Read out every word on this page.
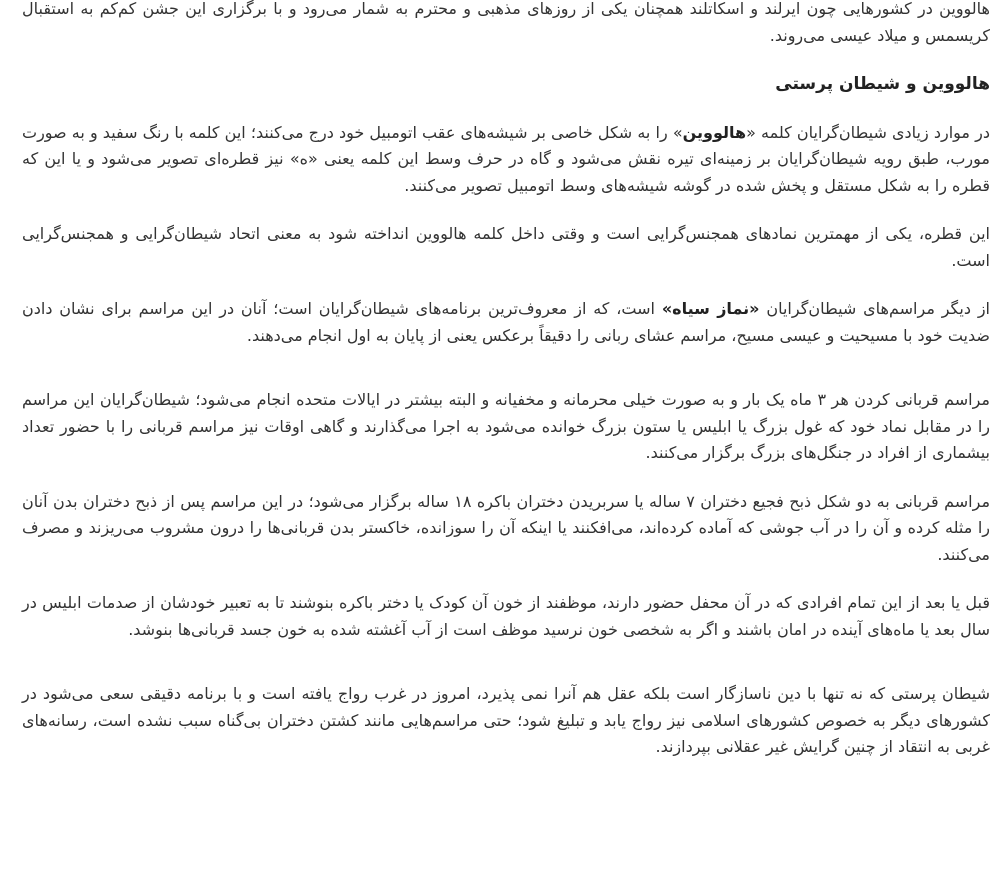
هالووین در کشورهایی چون ایرلند و اسکاتلند همچنان یکی از روزهای مذهبی و محترم به شمار می‌رود و با برگزاری این جشن کم‌کم به استقبال کریسمس و میلاد عیسی می‌روند.

هالووین و شیطان پرستی

در موارد زیادی شیطان‌گرایان کلمه «هالووین» را به شکل خاصی بر شیشه‌های عقب اتومبیل خود درج می‌کنند؛ این کلمه با رنگ سفید و به صورت مورب، طبق رویه شیطان‌گرایان بر زمینه‌ای تیره نقش می‌شود و گاه در حرف وسط این کلمه یعنی «ه» نیز قطره‌ای تصویر می‌شود و یا این که قطره را به شکل مستقل و پخش شده در گوشه شیشه‌های وسط اتومبیل تصویر می‌کنند.

این قطره، یکی از مهمترین نمادهای همجنس‌گرایی است و وقتی داخل کلمه هالووین انداخته شود به معنی اتحاد شیطان‌گرایی و همجنس‌گرایی است.

از دیگر مراسم‌های شیطان‌گرایان «نماز سیاه» است، که از معروف‌ترین برنامه‌های شیطان‌گرایان است؛ آنان در این مراسم برای نشان دادن ضدیت خود با مسیحیت و عیسی مسیح، مراسم عشای ربانی را دقیقاً برعکس یعنی از پایان به اول انجام می‌دهند.

مراسم قربانی کردن هر ۳ ماه یک بار و به صورت خیلی محرمانه و مخفیانه و البته بیشتر در ایالات متحده انجام می‌شود؛ شیطان‌گرایان این مراسم را در مقابل نماد خود که غول بزرگ یا ابلیس یا ستون بزرگ خوانده می‌شود به اجرا می‌گذارند و گاهی اوقات نیز مراسم قربانی را با حضور تعداد بیشماری از افراد در جنگل‌های بزرگ برگزار می‌کنند.

مراسم قربانی به دو شکل ذبح فجیع دختران ۷ ساله یا سربریدن دختران باکره ۱۸ ساله برگزار می‌شود؛ در این مراسم پس از ذبح دختران بدن آنان را مثله کرده و آن را در آب جوشی که آماده کرده‌اند، می‌افکنند یا اینکه آن را سوزانده، خاکستر بدن قربانی‌ها را درون مشروب می‌ریزند و مصرف می‌کنند.

قبل یا بعد از این تمام افرادی که در آن محفل حضور دارند، موظفند از خون آن کودک یا دختر باکره بنوشند تا به تعبیر خودشان از صدمات ابلیس در سال بعد یا ماه‌های آینده در امان باشند و اگر به شخصی خون نرسید موظف است از آب آغشته شده به خون جسد قربانی‌ها بنوشد.

شیطان پرستی که نه تنها با دین ناسازگار است بلکه عقل هم آنرا نمی پذیرد، امروز در غرب رواج یافته است و با برنامه دقیقی سعی می‌شود در کشورهای دیگر به خصوص کشورهای اسلامی نیز رواج یابد و تبلیغ شود؛ حتی مراسم‌هایی مانند کشتن دختران بی‌گناه سبب نشده است، رسانه‌های غربی به انتقاد از چنین گرایش غیر عقلانی بپردازند.
